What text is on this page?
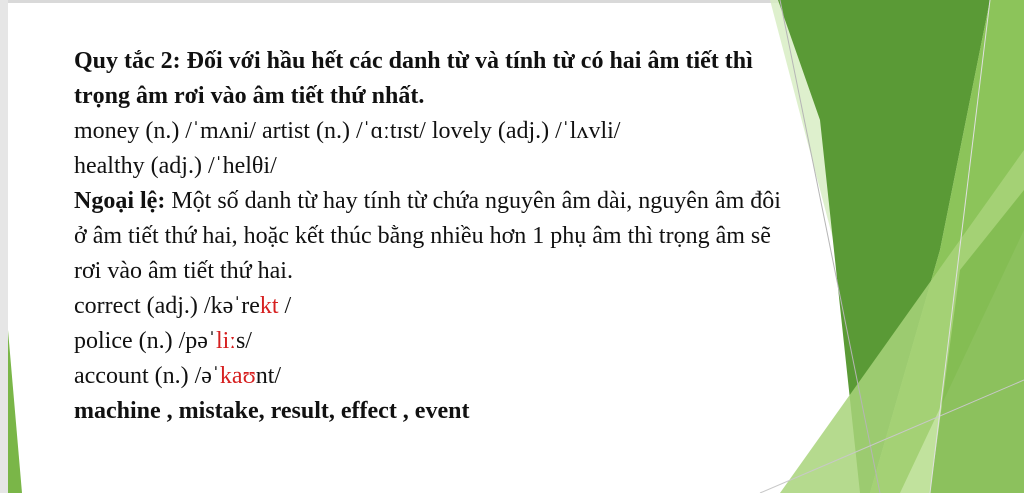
Quy tắc 2: Đối với hầu hết các danh từ và tính từ có hai âm tiết thì
trọng âm rơi vào âm tiết thứ nhất.
money (n.) /ˈmʌni/ artist (n.) /ˈɑːtɪst/ lovely (adj.) /ˈlʌvli/
healthy (adj.) /ˈhelθi/
Ngoại lệ: Một số danh từ hay tính từ chứa nguyên âm dài, nguyên âm đôi
ở âm tiết thứ hai, hoặc kết thúc bằng nhiều hơn 1 phụ âm thì trọng âm sẽ
rơi vào âm tiết thứ hai.
correct (adj.) /kəˈrekt /
police (n.) /pəˈliːs/
account (n.) /əˈkaʊnt/
machine , mistake, result, effect , event
